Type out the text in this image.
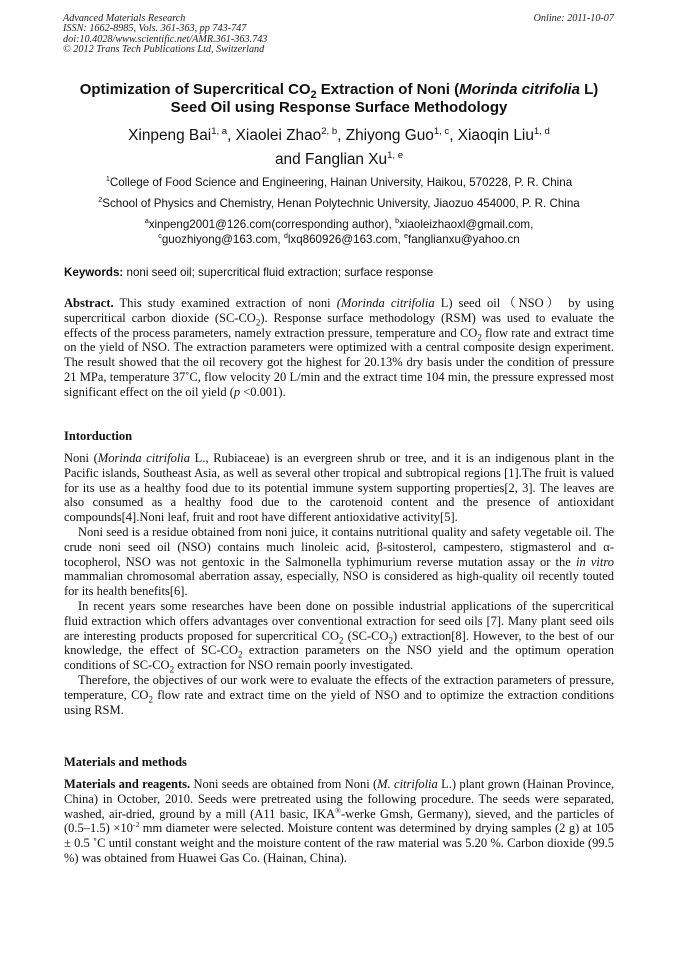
Advanced Materials Research
ISSN: 1662-8985, Vols. 361-363, pp 743-747
doi:10.4028/www.scientific.net/AMR.361-363.743
© 2012 Trans Tech Publications Ltd, Switzerland
Online: 2011-10-07
Optimization of Supercritical $CO_2$ Extraction of Noni (Morinda citrifolia L)
Seed Oil using Response Surface Methodology
Xinpeng Bai$^{1, a}$, Xiaolei Zhao$^{2, b}$, Zhiyong Guo$^{1, c}$, Xiaoqin Liu$^{1, d}$
and Fanglian Xu$^{1, e}$
$^1$College of Food Science and Engineering, Hainan University, Haikou, 570228, P. R. China
$^2$School of Physics and Chemistry, Henan Polytechnic University, Jiaozuo 454000, P. R. China
$^a$xinpeng2001@126.com(corresponding author), $^b$xiaoleizhaoxl@gmail.com,
$^c$guozhiyong@163.com, $^d$lxq860926@163.com, $^e$fanglianxu@yahoo.cn
Keywords: noni seed oil; supercritical fluid extraction; surface response

Abstract. This study examined extraction of noni (Morinda citrifolia L) seed oil（NSO） by using supercritical carbon dioxide $(SC-CO_2)$. Response surface methodology (RSM) was used to evaluate the effects of the process parameters, namely extraction pressure, temperature and $CO_2$ flow rate and extract time on the yield of NSO. The extraction parameters were optimized with a central composite design experiment. The result showed that the oil recovery got the highest for 20.13% dry basis under the condition of pressure 21 MPa, temperature 37˚C, flow velocity 20 L/min and the extract time 104 min, the pressure expressed most significant effect on the oil yield (p <0.001).

Intorduction

Noni (Morinda citrifolia L., Rubiaceae) is an evergreen shrub or tree, and it is an indigenous plant in the Pacific islands, Southeast Asia, as well as several other tropical and subtropical regions [1].The fruit is valued for its use as a healthy food due to its potential immune system supporting properties[2, 3]. The leaves are also consumed as a healthy food due to the carotenoid content and the presence of antioxidant compounds[4].Noni leaf, fruit and root have different antioxidative activity[5].

Noni seed is a residue obtained from noni juice, it contains nutritional quality and safety vegetable oil. The crude noni seed oil (NSO) contains much linoleic acid, β-sitosterol, campestero, stigmasterol and α-tocopherol, NSO was not gentoxic in the Salmonella typhimurium reverse mutation assay or the in vitro mammalian chromosomal aberration assay, especially, NSO is considered as high-quality oil recently touted for its health benefits[6].

In recent years some researches have been done on possible industrial applications of the supercritical fluid extraction which offers advantages over conventional extraction for seed oils [7]. Many plant seed oils are interesting products proposed for supercritical $CO_2$ $(SC-CO_2)$ extraction[8]. However, to the best of our knowledge, the effect of $SC-CO_2$ extraction parameters on the NSO yield and the optimum operation conditions of $SC-CO_2$ extraction for NSO remain poorly investigated.

Therefore, the objectives of our work were to evaluate the effects of the extraction parameters of pressure, temperature, $CO_2$ flow rate and extract time on the yield of NSO and to optimize the extraction conditions using RSM.

Materials and methods

Materials and reagents. Noni seeds are obtained from Noni (M. citrifolia L.) plant grown (Hainan Province, China) in October, 2010. Seeds were pretreated using the following procedure. The seeds were separated, washed, air-dried, ground by a mill (A11 basic, IKA®-werke Gmsh, Germany), sieved, and the particles of $(0.5-1.5) \times 10^{-2}$ mm diameter were selected. Moisture content was determined by drying samples (2 g) at 105 ± 0.5 ˚C until constant weight and the moisture content of the raw material was 5.20 %. Carbon dioxide (99.5 %) was obtained from Huawei Gas Co. (Hainan, China).
